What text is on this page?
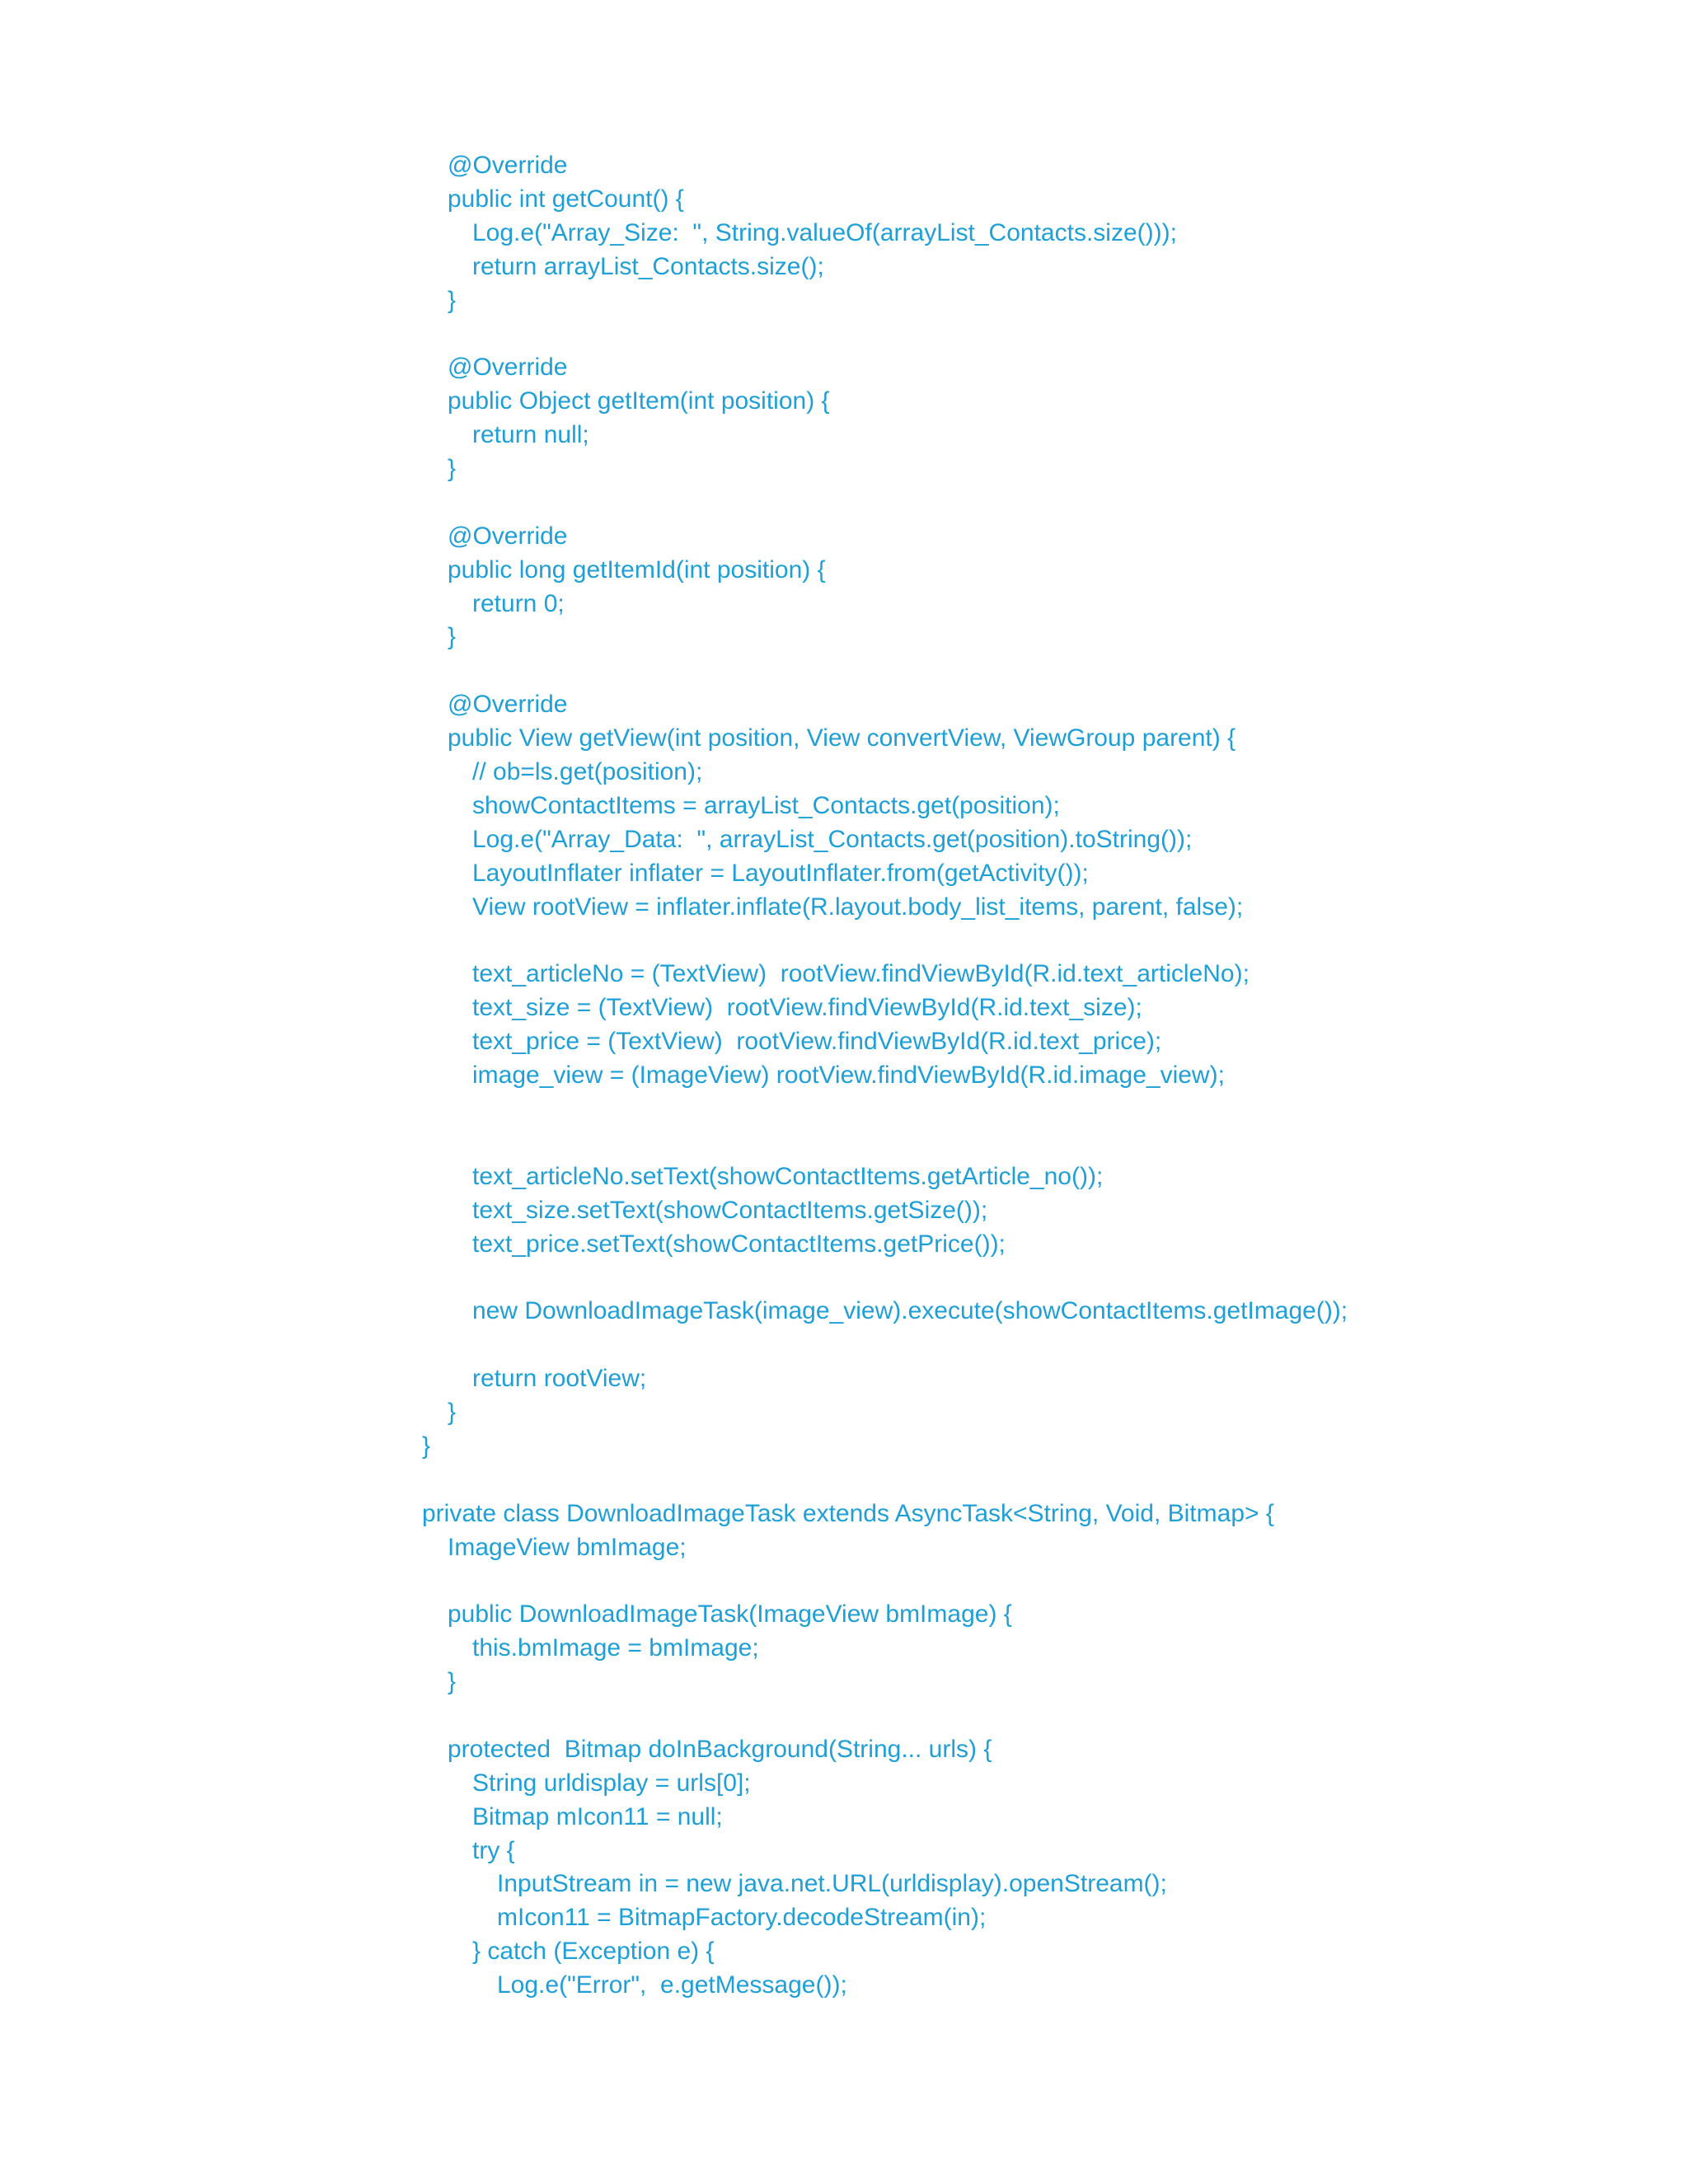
@Override
public int getCount() {
Log.e("Array_Size:  ", String.valueOf(arrayList_Contacts.size()));
return arrayList_Contacts.size();
}
@Override
public Object getItem(int position) {
return null;
}
@Override
public long getItemId(int position) {
return 0;
}
@Override
public View getView(int position, View convertView, ViewGroup parent) {
// ob=ls.get(position);
showContactItems = arrayList_Contacts.get(position);
Log.e("Array_Data:  ", arrayList_Contacts.get(position).toString());
LayoutInflater inflater = LayoutInflater.from(getActivity());
View rootView = inflater.inflate(R.layout.body_list_items, parent, false);
text_articleNo = (TextView)  rootView.findViewById(R.id.text_articleNo);
text_size = (TextView)  rootView.findViewById(R.id.text_size);
text_price = (TextView)  rootView.findViewById(R.id.text_price);
image_view = (ImageView) rootView.findViewById(R.id.image_view);
text_articleNo.setText(showContactItems.getArticle_no());
text_size.setText(showContactItems.getSize());
text_price.setText(showContactItems.getPrice());
new DownloadImageTask(image_view).execute(showContactItems.getImage());
return rootView;
}
}
private class DownloadImageTask extends AsyncTask<String, Void, Bitmap> {
ImageView bmImage;
public DownloadImageTask(ImageView bmImage) {
this.bmImage = bmImage;
}
protected  Bitmap doInBackground(String... urls) {
String urldisplay = urls[0];
Bitmap mIcon11 = null;
try {
InputStream in = new java.net.URL(urldisplay).openStream();
mIcon11 = BitmapFactory.decodeStream(in);
} catch (Exception e) {
Log.e("Error",  e.getMessage());
